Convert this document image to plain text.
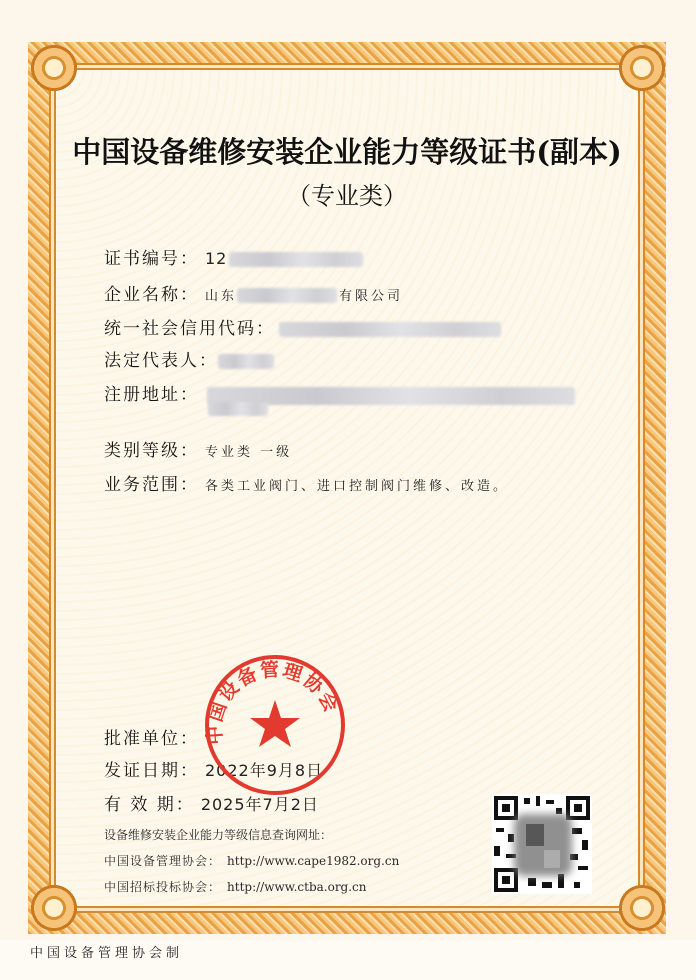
中国设备维修安装企业能力等级证书(副本)
（专业类）
证书编号： 12
企业名称： 山东	有限公司
统一社会信用代码：
法定代表人：
注册地址：
类别等级： 专业类 一级
业务范围： 各类工业阀门、进口控制阀门维修、改造。
批准单位：
发证日期： 2022年9月8日
有 效 期： 2025年7月2日
中国设备管理协会
设备维修安装企业能力等级信息查询网址：
中国设备管理协会： http://www.cape1982.org.cn
中国招标投标协会： http://www.ctba.org.cn
中国设备管理协会制
